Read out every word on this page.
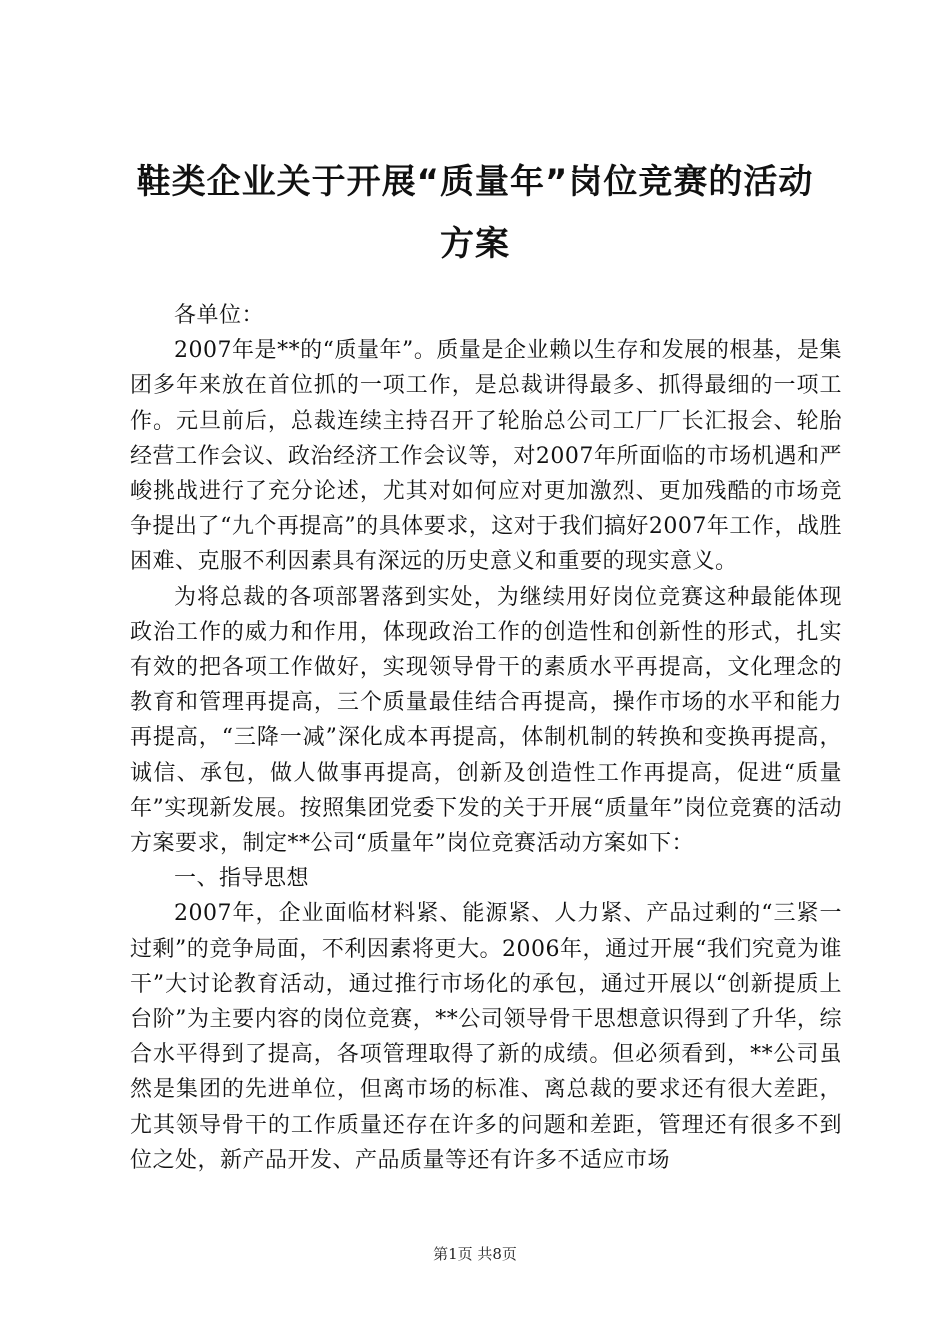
鞋类企业关于开展“质量年”岗位竞赛的活动
方案

各单位：

2007年是**的“质量年”。质量是企业赖以生存和发展的根基，是集团多年来放在首位抓的一项工作，是总裁讲得最多、抓得最细的一项工作。元旦前后，总裁连续主持召开了轮胎总公司工厂厂长汇报会、轮胎经营工作会议、政治经济工作会议等，对2007年所面临的市场机遇和严峻挑战进行了充分论述，尤其对如何应对更加激烈、更加残酷的市场竞争提出了“九个再提高”的具体要求，这对于我们搞好2007年工作，战胜困难、克服不利因素具有深远的历史意义和重要的现实意义。

为将总裁的各项部署落到实处，为继续用好岗位竞赛这种最能体现政治工作的威力和作用，体现政治工作的创造性和创新性的形式，扎实有效的把各项工作做好，实现领导骨干的素质水平再提高，文化理念的教育和管理再提高，三个质量最佳结合再提高，操作市场的水平和能力再提高，“三降一减”深化成本再提高，体制机制的转换和变换再提高，诚信、承包，做人做事再提高，创新及创造性工作再提高，促进“质量年”实现新发展。按照集团党委下发的关于开展“质量年”岗位竞赛的活动方案要求，制定**公司“质量年”岗位竞赛活动方案如下：

一、指导思想

2007年，企业面临材料紧、能源紧、人力紧、产品过剩的“三紧一过剩”的竞争局面，不利因素将更大。2006年，通过开展“我们究竟为谁干”大讨论教育活动，通过推行市场化的承包，通过开展以“创新提质上台阶”为主要内容的岗位竞赛，**公司领导骨干思想意识得到了升华，综合水平得到了提高，各项管理取得了新的成绩。但必须看到，**公司虽然是集团的先进单位，但离市场的标准、离总裁的要求还有很大差距，尤其领导骨干的工作质量还存在许多的问题和差距，管理还有很多不到位之处，新产品开发、产品质量等还有许多不适应市场

第1页 共8页
